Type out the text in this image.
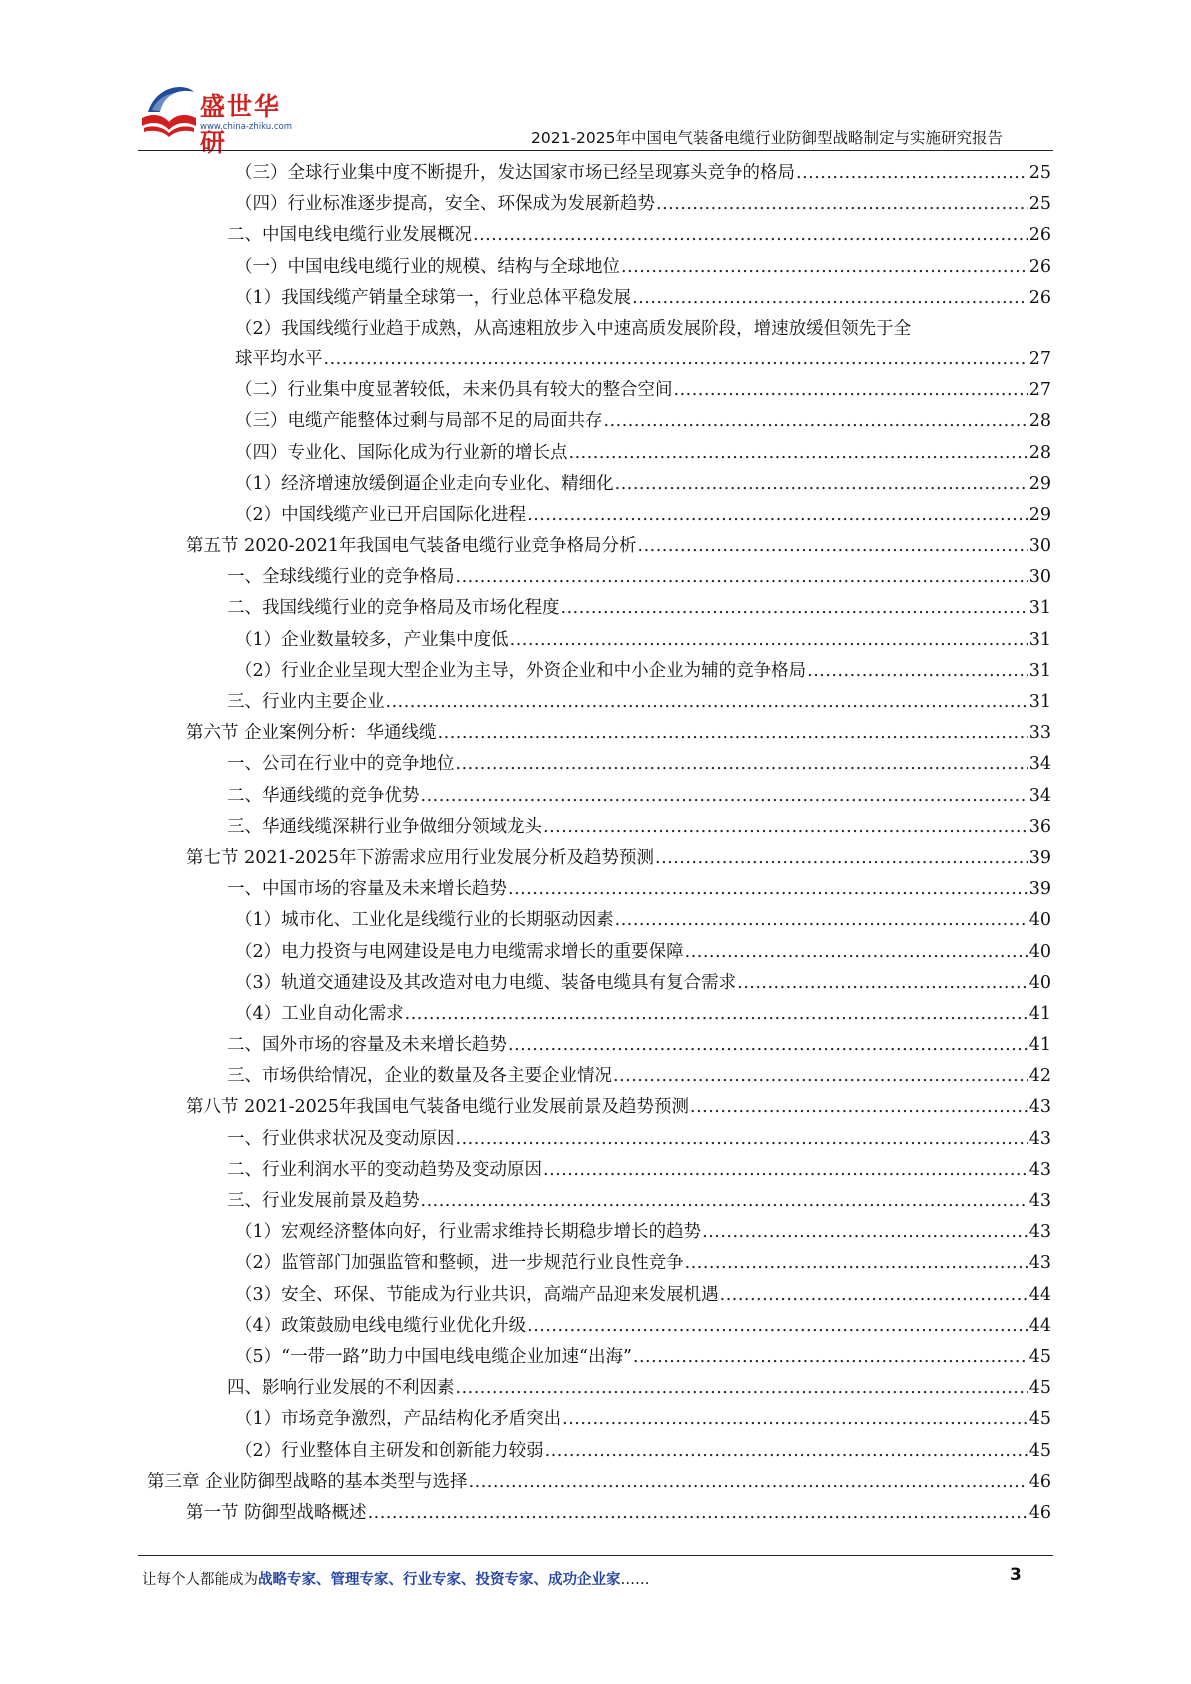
盛世华研
www.china-zhiku.com
2021-2025年中国电气装备电缆行业防御型战略制定与实施研究报告
（三）全球行业集中度不断提升，发达国家市场已经呈现寡头竞争的格局 .....	25
（四）行业标准逐步提高，安全、环保成为发展新趋势 .....	25
二、中国电线电缆行业发展概况 .....	26
（一）中国电线电缆行业的规模、结构与全球地位 .....	26
（1）我国线缆产销量全球第一，行业总体平稳发展 .....	26
（2）我国线缆行业趋于成熟，从高速粗放步入中速高质发展阶段，增速放缓但领先于全
球平均水平 .....	27
（二）行业集中度显著较低，未来仍具有较大的整合空间 .....	27
（三）电缆产能整体过剩与局部不足的局面共存 .....	28
（四）专业化、国际化成为行业新的增长点 .....	28
（1）经济增速放缓倒逼企业走向专业化、精细化 .....	29
（2）中国线缆产业已开启国际化进程 .....	29
第五节 2020-2021年我国电气装备电缆行业竞争格局分析 .....	30
一、全球线缆行业的竞争格局 .....	30
二、我国线缆行业的竞争格局及市场化程度 .....	31
（1）企业数量较多，产业集中度低 .....	31
（2）行业企业呈现大型企业为主导，外资企业和中小企业为辅的竞争格局 .....	31
三、行业内主要企业 .....	31
第六节 企业案例分析：华通线缆 .....	33
一、公司在行业中的竞争地位 .....	34
二、华通线缆的竞争优势 .....	34
三、华通线缆深耕行业争做细分领域龙头 .....	36
第七节 2021-2025年下游需求应用行业发展分析及趋势预测 .....	39
一、中国市场的容量及未来增长趋势 .....	39
（1）城市化、工业化是线缆行业的长期驱动因素 .....	40
（2）电力投资与电网建设是电力电缆需求增长的重要保障 .....	40
（3）轨道交通建设及其改造对电力电缆、装备电缆具有复合需求 .....	40
（4）工业自动化需求 .....	41
二、国外市场的容量及未来增长趋势 .....	41
三、市场供给情况，企业的数量及各主要企业情况 .....	42
第八节 2021-2025年我国电气装备电缆行业发展前景及趋势预测 .....	43
一、行业供求状况及变动原因 .....	43
二、行业利润水平的变动趋势及变动原因 .....	43
三、行业发展前景及趋势 .....	43
（1）宏观经济整体向好，行业需求维持长期稳步增长的趋势 .....	43
（2）监管部门加强监管和整顿，进一步规范行业良性竞争 .....	43
（3）安全、环保、节能成为行业共识，高端产品迎来发展机遇 .....	44
（4）政策鼓励电线电缆行业优化升级 .....	44
（5）“一带一路”助力中国电线电缆企业加速“出海” .....	45
四、影响行业发展的不利因素 .....	45
（1）市场竞争激烈，产品结构化矛盾突出 .....	45
（2）行业整体自主研发和创新能力较弱 .....	45
第三章 企业防御型战略的基本类型与选择 .....	46
第一节 防御型战略概述 .....	46
让每个人都能成为战略专家、管理专家、行业专家、投资专家、成功企业家……	3
